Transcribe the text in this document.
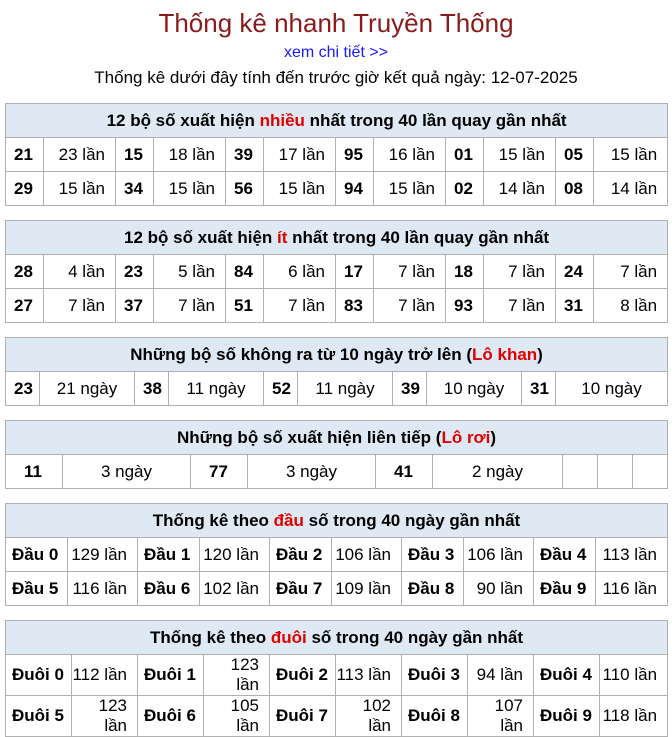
Thống kê nhanh Truyền Thống
xem chi tiết >>
Thống kê dưới đây tính đến trước giờ kết quả ngày: 12-07-2025
12 bộ số xuất hiện nhiều nhất trong 40 lần quay gần nhất											
21	23 lần	15	18 lần	39	17 lần	95	16 lần	01	15 lần	05	15 lần
29	15 lần	34	15 lần	56	15 lần	94	15 lần	02	14 lần	08	14 lần
12 bộ số xuất hiện ít nhất trong 40 lần quay gần nhất											
28	4 lần	23	5 lần	84	6 lần	17	7 lần	18	7 lần	24	7 lần
27	7 lần	37	7 lần	51	7 lần	83	7 lần	93	7 lần	31	8 lần
Những bộ số không ra từ 10 ngày trở lên (Lô khan)
23	21 ngày	38	11 ngày	52	11 ngày	39	10 ngày	31	10 ngày
Những bộ số xuất hiện liên tiếp (Lô rơi)
11	3 ngày	77	3 ngày	41	2 ngày			
Thống kê theo đầu số trong 40 ngày gần nhất									
Đầu 0	129 lần	Đầu 1	120 lần	Đầu 2	106 lần	Đầu 3	106 lần	Đầu 4	113 lần
Đầu 5	116 lần	Đầu 6	102 lần	Đầu 7	109 lần	Đầu 8	90 lần	Đầu 9	116 lần
Thống kê theo đuôi số trong 40 ngày gần nhất									
Đuôi 0	112 lần	Đuôi 1	123 lần	Đuôi 2	113 lần	Đuôi 3	94 lần	Đuôi 4	110 lần
Đuôi 5	123 lần	Đuôi 6	105 lần	Đuôi 7	102 lần	Đuôi 8	107 lần	Đuôi 9	118 lần
